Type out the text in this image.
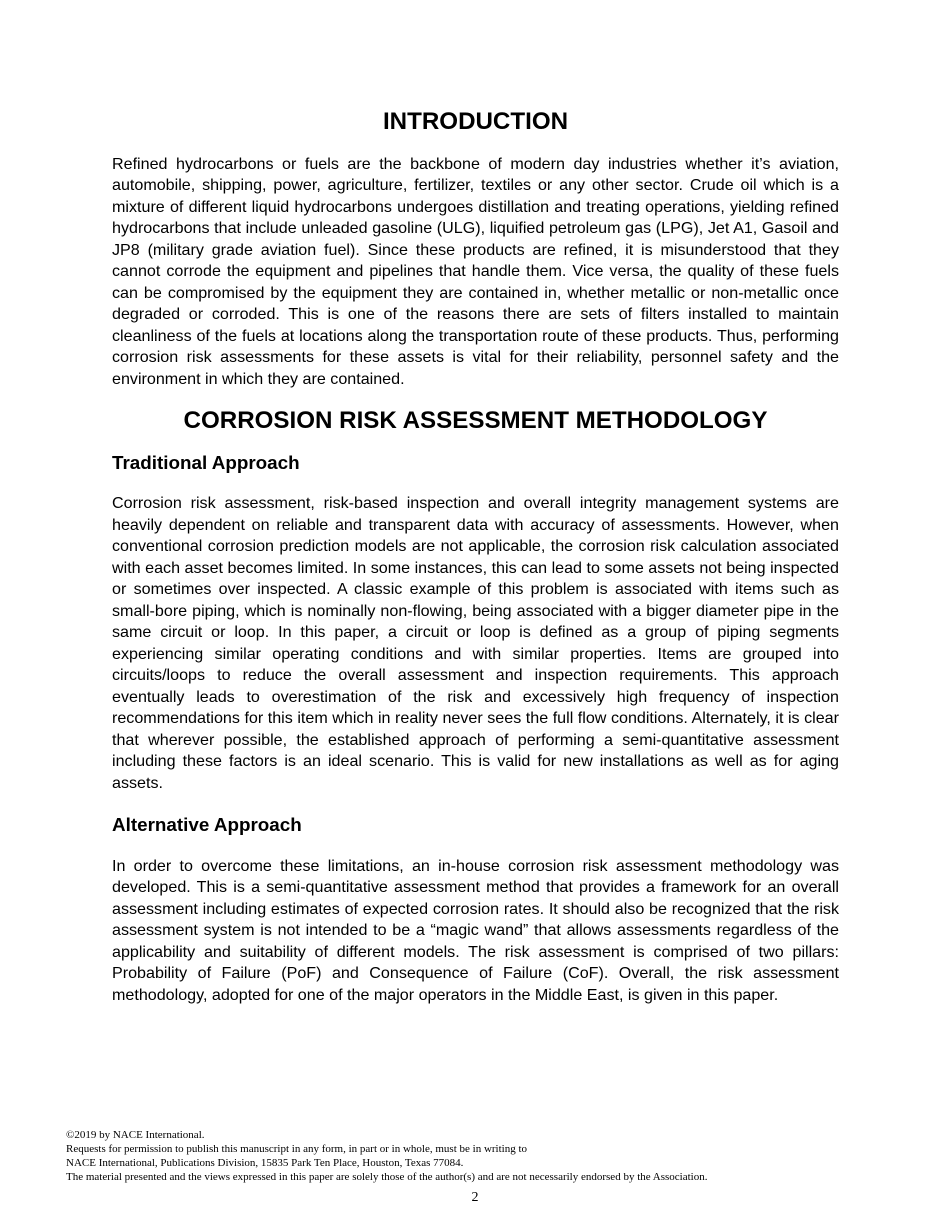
INTRODUCTION

Refined hydrocarbons or fuels are the backbone of modern day industries whether it’s aviation, automobile, shipping, power, agriculture, fertilizer, textiles or any other sector. Crude oil which is a mixture of different liquid hydrocarbons undergoes distillation and treating operations, yielding refined hydrocarbons that include unleaded gasoline (ULG), liquified petroleum gas (LPG), Jet A1, Gasoil and JP8 (military grade aviation fuel). Since these products are refined, it is misunderstood that they cannot corrode the equipment and pipelines that handle them. Vice versa, the quality of these fuels can be compromised by the equipment they are contained in, whether metallic or non-metallic once degraded or corroded. This is one of the reasons there are sets of filters installed to maintain cleanliness of the fuels at locations along the transportation route of these products. Thus, performing corrosion risk assessments for these assets is vital for their reliability, personnel safety and the environment in which they are contained.

CORROSION RISK ASSESSMENT METHODOLOGY
Traditional Approach

Corrosion risk assessment, risk-based inspection and overall integrity management systems are heavily dependent on reliable and transparent data with accuracy of assessments. However, when conventional corrosion prediction models are not applicable, the corrosion risk calculation associated with each asset becomes limited. In some instances, this can lead to some assets not being inspected or sometimes over inspected. A classic example of this problem is associated with items such as small-bore piping, which is nominally non-flowing, being associated with a bigger diameter pipe in the same circuit or loop. In this paper, a circuit or loop is defined as a group of piping segments experiencing similar operating conditions and with similar properties. Items are grouped into circuits/loops to reduce the overall assessment and inspection requirements. This approach eventually leads to overestimation of the risk and excessively high frequency of inspection recommendations for this item which in reality never sees the full flow conditions. Alternately, it is clear that wherever possible, the established approach of performing a semi-quantitative assessment including these factors is an ideal scenario. This is valid for new installations as well as for aging assets.

Alternative Approach

In order to overcome these limitations, an in-house corrosion risk assessment methodology was developed. This is a semi-quantitative assessment method that provides a framework for an overall assessment including estimates of expected corrosion rates. It should also be recognized that the risk assessment system is not intended to be a “magic wand” that allows assessments regardless of the applicability and suitability of different models. The risk assessment is comprised of two pillars: Probability of Failure (PoF) and Consequence of Failure (CoF). Overall, the risk assessment methodology, adopted for one of the major operators in the Middle East, is given in this paper.

©2019 by NACE International.
Requests for permission to publish this manuscript in any form, in part or in whole, must be in writing to
NACE International, Publications Division, 15835 Park Ten Place, Houston, Texas 77084.
The material presented and the views expressed in this paper are solely those of the author(s) and are not necessarily endorsed by the Association.
2
